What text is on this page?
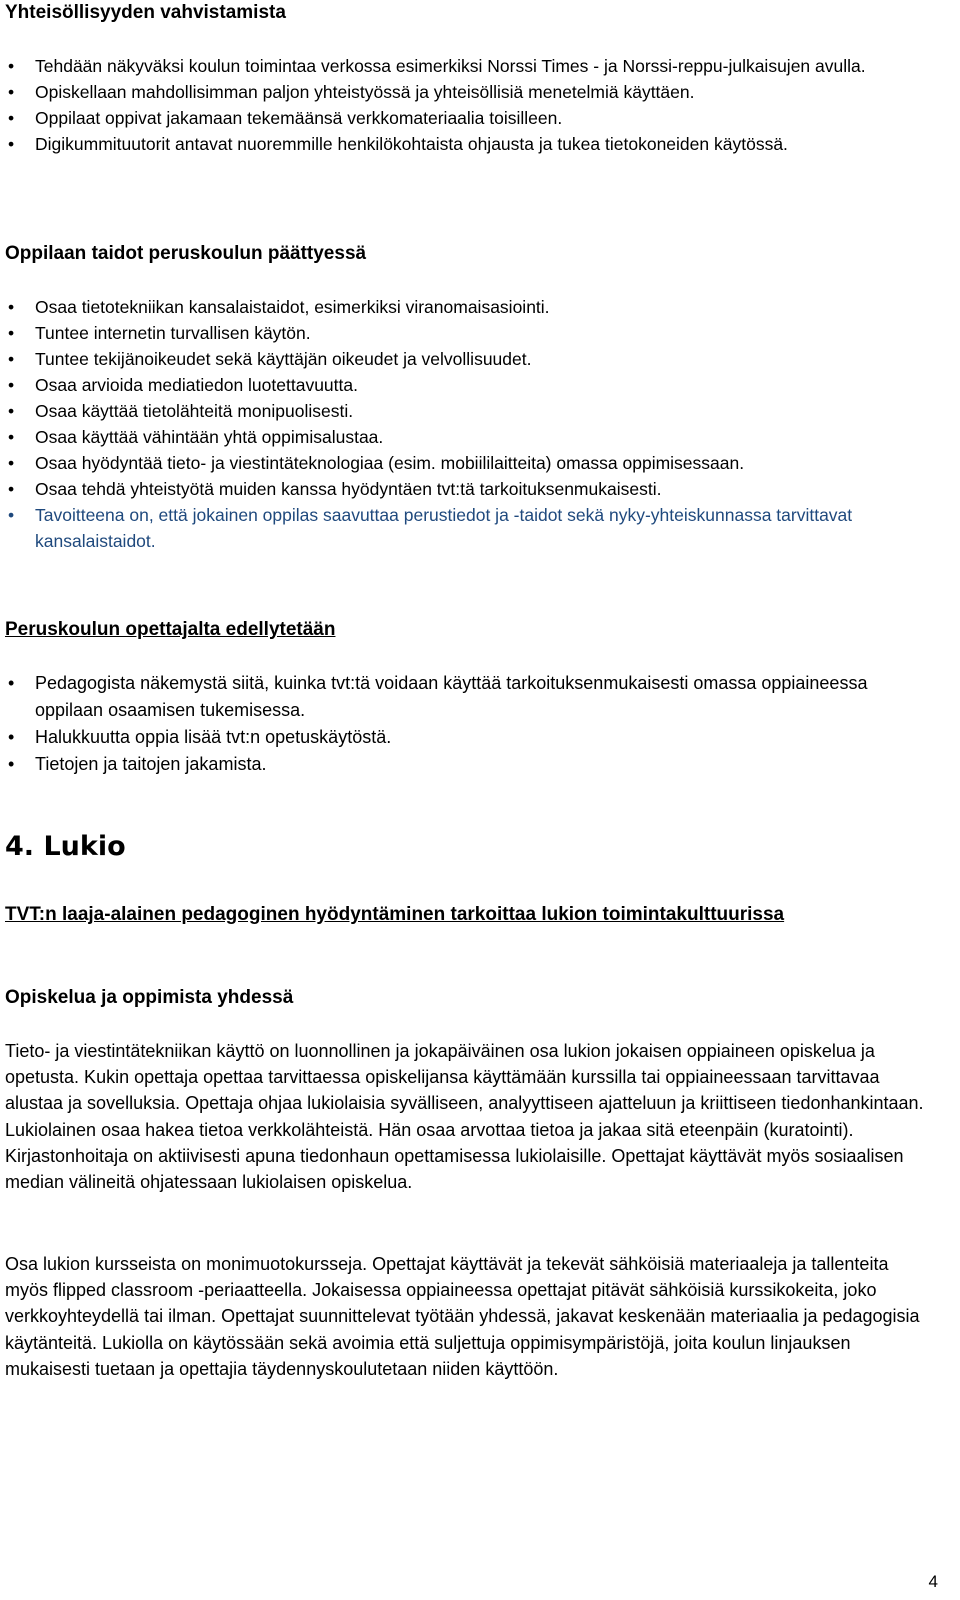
Yhteisöllisyyden vahvistamista
• Tehdään näkyväksi koulun toimintaa verkossa esimerkiksi Norssi Times - ja Norssi-reppu-julkaisujen avulla.
• Opiskellaan mahdollisimman paljon yhteistyössä ja yhteisöllisiä menetelmiä käyttäen.
• Oppilaat oppivat jakamaan tekemäänsä verkkomateriaalia toisilleen.
• Digikummituutorit antavat nuoremmille henkilökohtaista ohjausta ja tukea tietokoneiden käytössä.
Oppilaan taidot peruskoulun päättyessä
• Osaa tietotekniikan kansalaistaidot, esimerkiksi viranomaisasiointi.
• Tuntee internetin turvallisen käytön.
• Tuntee tekijänoikeudet sekä käyttäjän oikeudet ja velvollisuudet.
• Osaa arvioida mediatiedon luotettavuutta.
• Osaa käyttää tietolähteitä monipuolisesti.
• Osaa käyttää vähintään yhtä oppimisalustaa.
• Osaa hyödyntää tieto- ja viestintäteknologiaa (esim. mobiililaitteita) omassa oppimisessaan.
• Osaa tehdä yhteistyötä muiden kanssa hyödyntäen tvt:tä tarkoituksenmukaisesti.
• Tavoitteena on, että jokainen oppilas saavuttaa perustiedot ja -taidot sekä nyky-yhteiskunnassa tarvittavat kansalaistaidot.
Peruskoulun opettajalta edellytetään
• Pedagogista näkemystä siitä, kuinka tvt:tä voidaan käyttää tarkoituksenmukaisesti omassa oppiaineessa oppilaan osaamisen tukemisessa.
• Halukkuutta oppia lisää tvt:n opetuskäytöstä.
• Tietojen ja taitojen jakamista.
4. Lukio
TVT:n laaja-alainen pedagoginen hyödyntäminen tarkoittaa lukion toimintakulttuurissa
Opiskelua ja oppimista yhdessä

Tieto- ja viestintätekniikan käyttö on luonnollinen ja jokapäiväinen osa lukion jokaisen oppiaineen opiskelua ja opetusta. Kukin opettaja opettaa tarvittaessa opiskelijansa käyttämään kurssilla tai oppiaineessaan tarvittavaa alustaa ja sovelluksia. Opettaja ohjaa lukiolaisia syvälliseen, analyyttiseen ajatteluun ja kriittiseen tiedonhankintaan. Lukiolainen osaa hakea tietoa verkkolähteistä. Hän osaa arvottaa tietoa ja jakaa sitä eteenpäin (kuratointi). Kirjastonhoitaja on aktiivisesti apuna tiedonhaun opettamisessa lukiolaisille. Opettajat käyttävät myös sosiaalisen median välineitä ohjatessaan lukiolaisen opiskelua.

Osa lukion kursseista on monimuotokursseja. Opettajat käyttävät ja tekevät sähköisiä materiaaleja ja tallenteita myös flipped classroom -periaatteella. Jokaisessa oppiaineessa opettajat pitävät sähköisiä kurssikokeita, joko verkkoyhteydellä tai ilman. Opettajat suunnittelevat työtään yhdessä, jakavat keskenään materiaalia ja pedagogisia käytänteitä. Lukiolla on käytössään sekä avoimia että suljettuja oppimisympäristöjä, joita koulun linjauksen mukaisesti tuetaan ja opettajia täydennyskoulutetaan niiden käyttöön.

4
